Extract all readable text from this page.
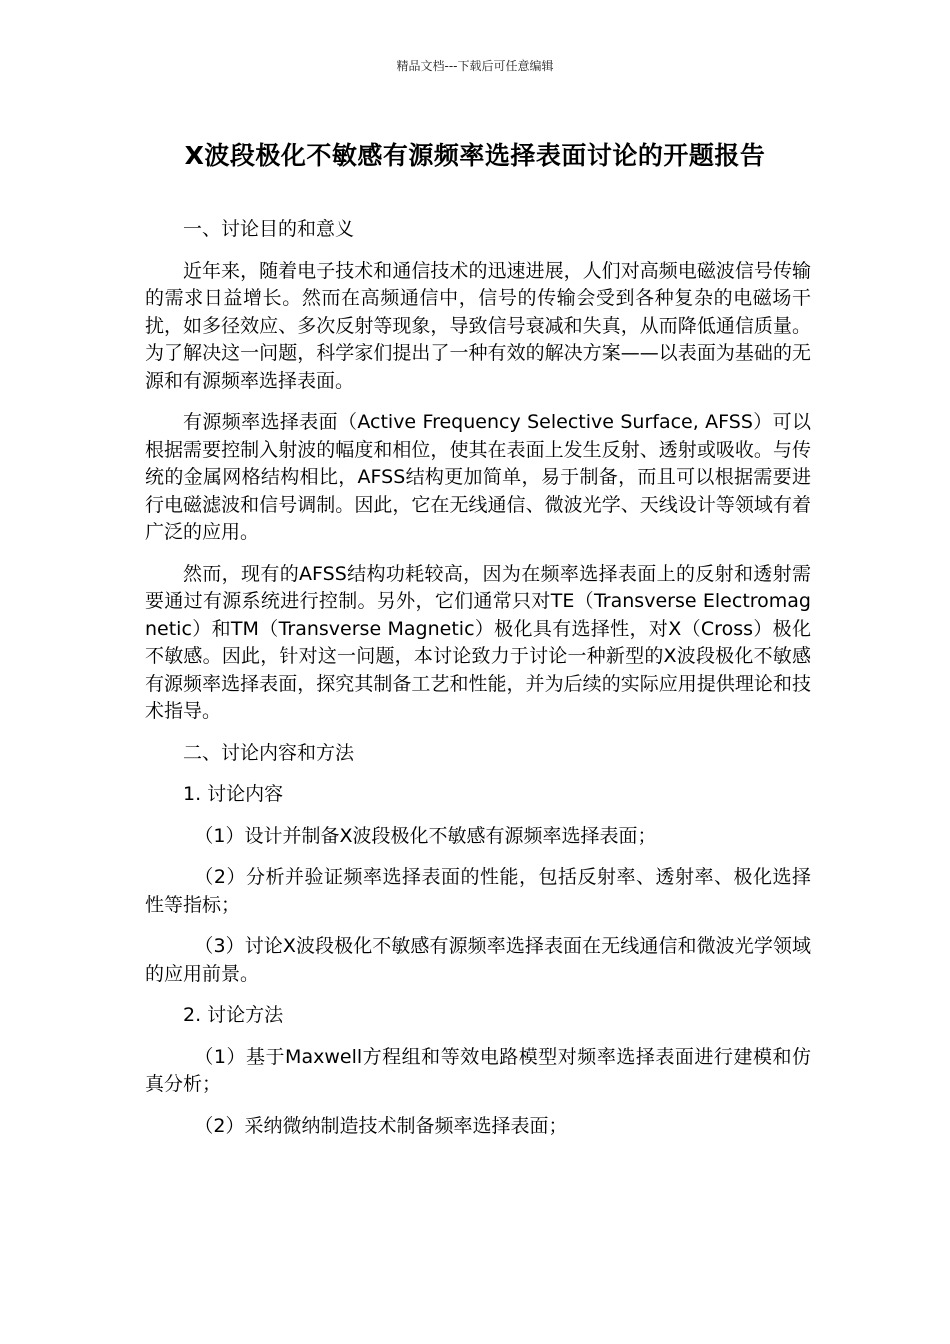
精品文档---下载后可任意编辑
X波段极化不敏感有源频率选择表面讨论的开题报告

一、讨论目的和意义

近年来，随着电子技术和通信技术的迅速进展，人们对高频电磁波信号传输的需求日益增长。然而在高频通信中，信号的传输会受到各种复杂的电磁场干扰，如多径效应、多次反射等现象，导致信号衰减和失真，从而降低通信质量。为了解决这一问题，科学家们提出了一种有效的解决方案——以表面为基础的无源和有源频率选择表面。

有源频率选择表面（Active Frequency Selective Surface, AFSS）可以根据需要控制入射波的幅度和相位，使其在表面上发生反射、透射或吸收。与传统的金属网格结构相比，AFSS结构更加简单，易于制备，而且可以根据需要进行电磁滤波和信号调制。因此，它在无线通信、微波光学、天线设计等领域有着广泛的应用。

然而，现有的AFSS结构功耗较高，因为在频率选择表面上的反射和透射需要通过有源系统进行控制。另外，它们通常只对TE（Transverse Electromagnetic）和TM（Transverse Magnetic）极化具有选择性，对X（Cross）极化不敏感。因此，针对这一问题，本讨论致力于讨论一种新型的X波段极化不敏感有源频率选择表面，探究其制备工艺和性能，并为后续的实际应用提供理论和技术指导。

二、讨论内容和方法

1. 讨论内容

（1）设计并制备X波段极化不敏感有源频率选择表面；

（2）分析并验证频率选择表面的性能，包括反射率、透射率、极化选择性等指标；

（3）讨论X波段极化不敏感有源频率选择表面在无线通信和微波光学领域的应用前景。

2. 讨论方法

（1）基于Maxwell方程组和等效电路模型对频率选择表面进行建模和仿真分析；

（2）采纳微纳制造技术制备频率选择表面；
